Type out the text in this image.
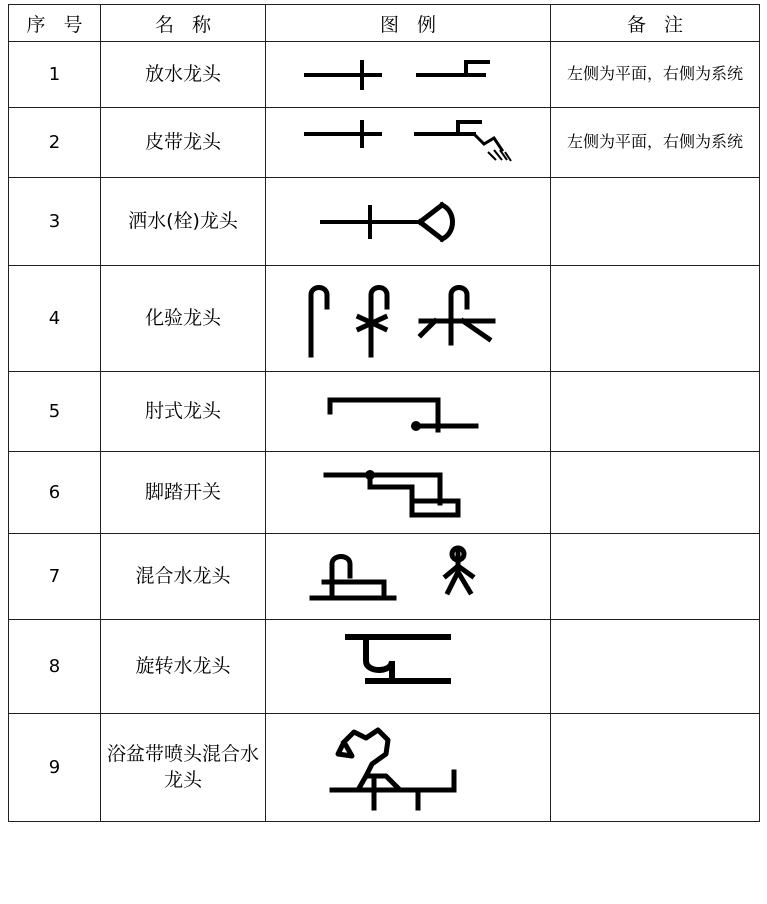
序 号	名 称	图 例	备 注
1	放水龙头		左侧为平面，右侧为系统
2	皮带龙头		左侧为平面，右侧为系统
3	洒水(栓)龙头	

4	化验龙头	

5	肘式龙头	

6	脚踏开关	

7	混合水龙头	

8	旋转水龙头	

9	浴盆带喷头混合水龙头	
